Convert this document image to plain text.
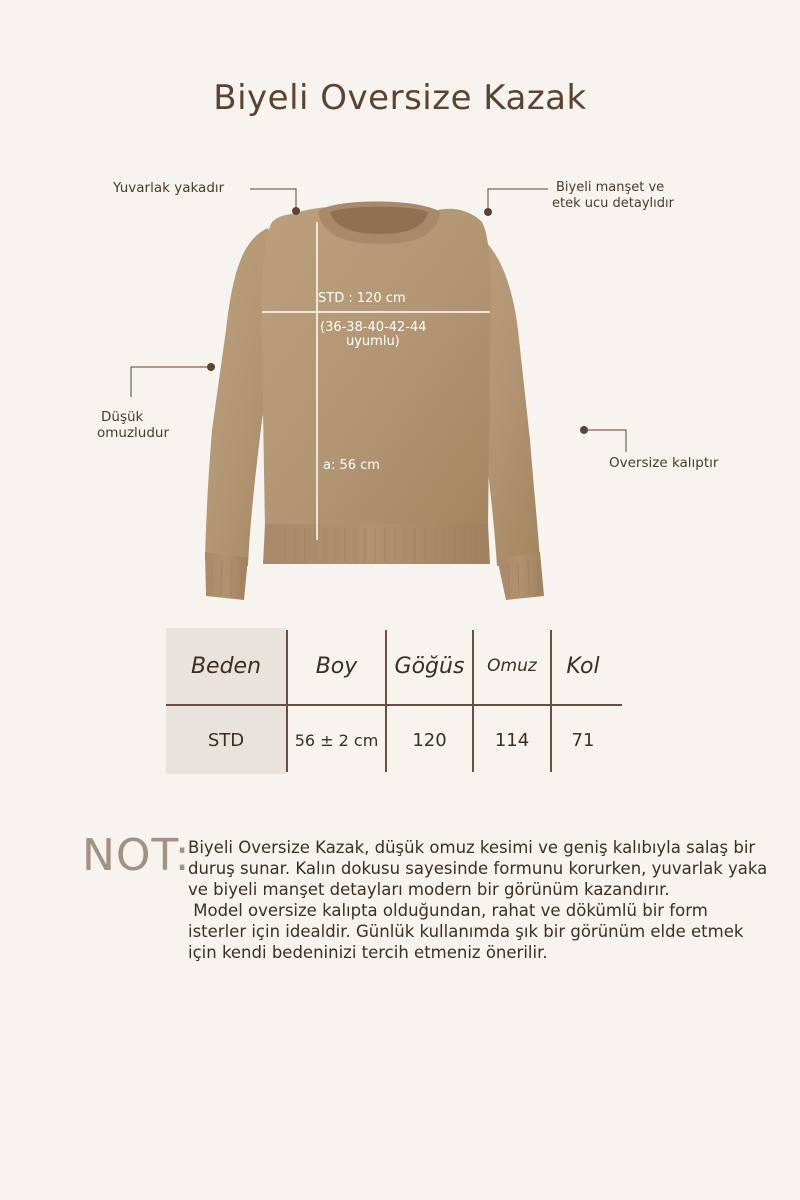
Biyeli Oversize Kazak
Yuvarlak yakadır	Biyeli manşet ve
etek ucu detaylıdır
Düşük
omuzludur
Oversize kalıptır
STD : 120 cm
(36-38-40-42-44
uyumlu)
a: 56 cm
Beden	Boy	Göğüs	Omuz	Kol
STD	56 ± 2 cm	120	114	71
NOT:

Biyeli Oversize Kazak, düşük omuz kesimi ve geniş kalıbıyla salaş bir duruş sunar. Kalın dokusu sayesinde formunu korurken, yuvarlak yaka ve biyeli manşet detayları modern bir görünüm kazandırır.

Model oversize kalıpta olduğundan, rahat ve dökümlü bir form isterler için idealdir. Günlük kullanımda şık bir görünüm elde etmek için kendi bedeninizi tercih etmeniz önerilir.
